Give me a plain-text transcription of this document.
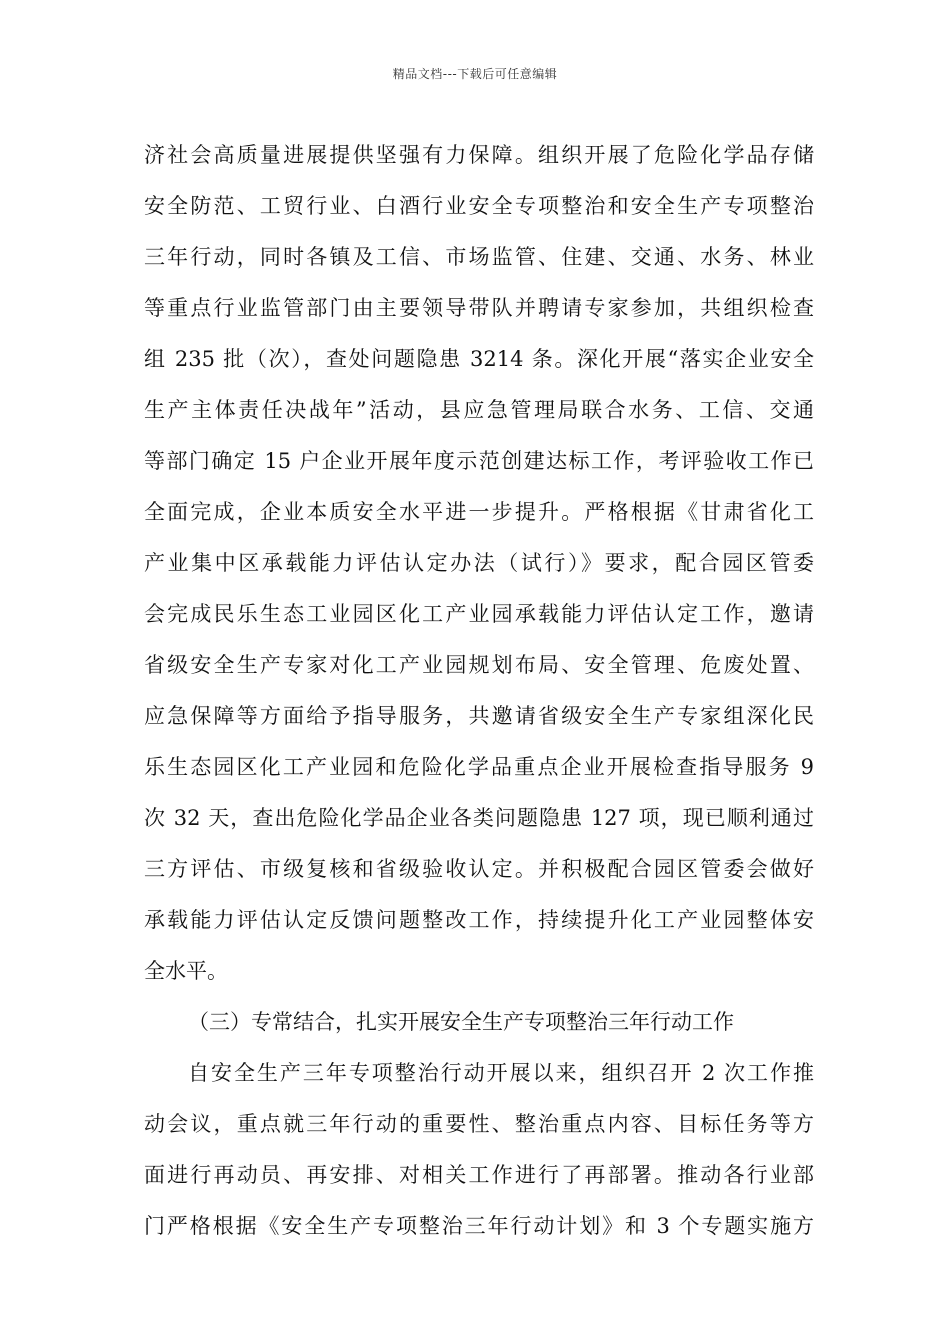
精品文档---下载后可任意编辑
济社会高质量进展提供坚强有力保障。组织开展了危险化学品存储
安全防范、工贸行业、白酒行业安全专项整治和安全生产专项整治
三年行动，同时各镇及工信、市场监管、住建、交通、水务、林业
等重点行业监管部门由主要领导带队并聘请专家参加，共组织检查
组 235 批（次），查处问题隐患 3214 条。深化开展“落实企业安全
生产主体责任决战年”活动，县应急管理局联合水务、工信、交通
等部门确定 15 户企业开展年度示范创建达标工作，考评验收工作已
全面完成，企业本质安全水平进一步提升。严格根据《甘肃省化工
产业集中区承载能力评估认定办法（试行）》要求，配合园区管委
会完成民乐生态工业园区化工产业园承载能力评估认定工作，邀请
省级安全生产专家对化工产业园规划布局、安全管理、危废处置、
应急保障等方面给予指导服务，共邀请省级安全生产专家组深化民
乐生态园区化工产业园和危险化学品重点企业开展检查指导服务 9
次 32 天，查出危险化学品企业各类问题隐患 127 项，现已顺利通过
三方评估、市级复核和省级验收认定。并积极配合园区管委会做好
承载能力评估认定反馈问题整改工作，持续提升化工产业园整体安
全水平。
（三）专常结合，扎实开展安全生产专项整治三年行动工作
自安全生产三年专项整治行动开展以来，组织召开 2 次工作推
动会议，重点就三年行动的重要性、整治重点内容、目标任务等方
面进行再动员、再安排、对相关工作进行了再部署。推动各行业部
门严格根据《安全生产专项整治三年行动计划》和 3 个专题实施方
